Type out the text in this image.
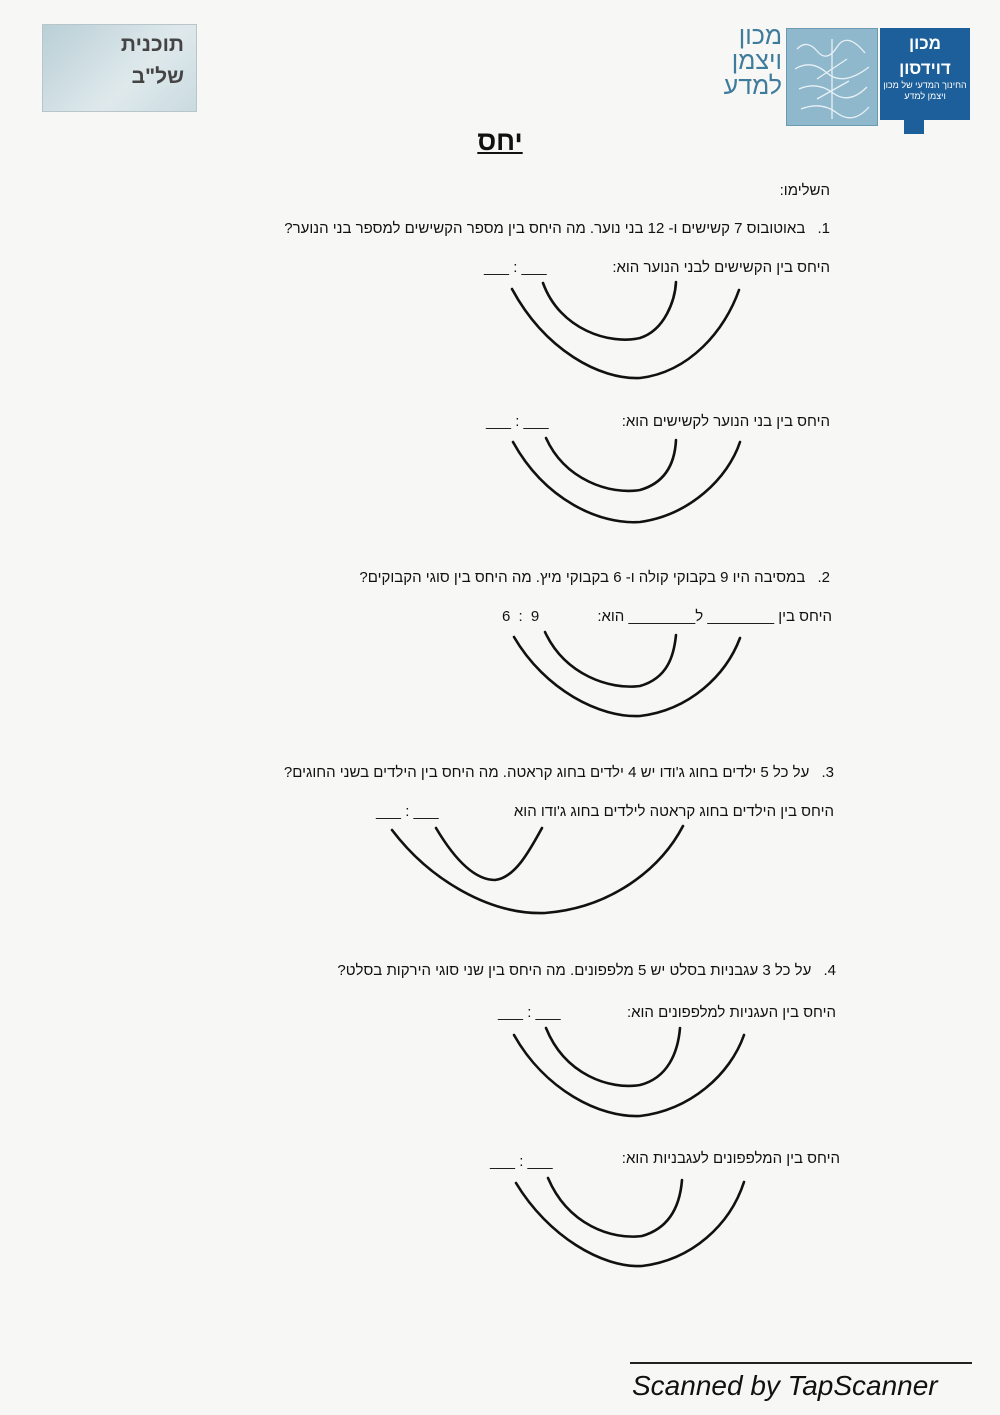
תוכנית
של"ב
מכון
ויצמן
למדע
מכון
דוידסון
החינוך המדעי של מכון ויצמן למדע
יחס
השלימו:
1. באוטובוס 7 קשישים ו- 12 בני נוער. מה היחס בין מספר הקשישים למספר בני הנוער?
היחס בין הקשישים לבני הנוער הוא:
___ : ___
היחס בין בני הנוער לקשישים הוא:
___ : ___
2. במסיבה היו 9 בקבוקי קולה ו- 6 בקבוקי מיץ. מה היחס בין סוגי הקבוקים?
היחס בין ________ ל________ הוא:
6 : 9
3. על כל 5 ילדים בחוג ג'ודו יש 4 ילדים בחוג קראטה. מה היחס בין הילדים בשני החוגים?
היחס בין הילדים בחוג קראטה לילדים בחוג ג'ודו הוא
___ : ___
4. על כל 3 עגבניות בסלט יש 5 מלפפונים. מה היחס בין שני סוגי הירקות בסלט?
היחס בין העגניות למלפפונים הוא:
___ : ___
היחס בין המלפפונים לעגבניות הוא:
___ : ___
Scanned by TapScanner
